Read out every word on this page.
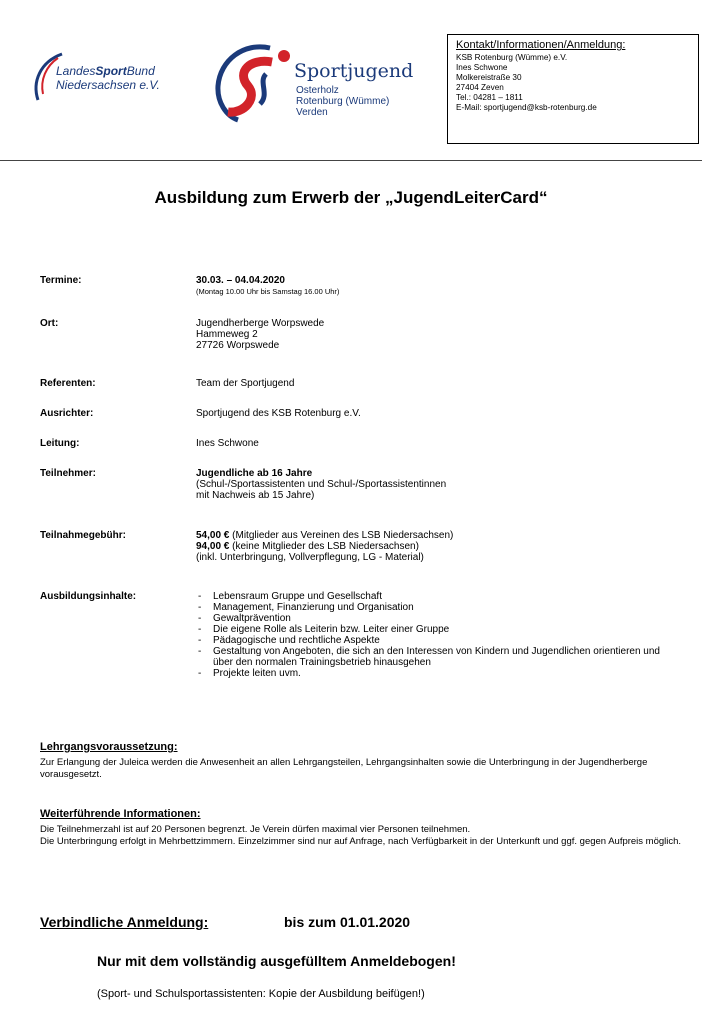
LandesSportBund
Niedersachsen e.V.
Sportjugend
Osterholz
Rotenburg (Wümme)
Verden
Kontakt/Informationen/Anmeldung:
KSB Rotenburg (Wümme) e.V.
Ines Schwone
Molkereistraße 30
27404 Zeven
Tel.: 04281 – 1811
E-Mail: sportjugend@ksb-rotenburg.de
Ausbildung zum Erwerb der „JugendLeiterCard“
Termine:	30.03. – 04.04.2020
(Montag 10.00 Uhr bis Samstag 16.00 Uhr)
Ort:	Jugendherberge Worpswede
Hammeweg 2
27726 Worpswede
Referenten:	Team der Sportjugend
Ausrichter:	Sportjugend des KSB Rotenburg e.V.
Leitung:	Ines Schwone
Teilnehmer:	Jugendliche ab 16 Jahre
(Schul-/Sportassistenten und Schul-/Sportassistentinnen
mit Nachweis ab 15 Jahre)
Teilnahmegebühr:	54,00 € (Mitglieder aus Vereinen des LSB Niedersachsen)
94,00 € (keine Mitglieder des LSB Niedersachsen)
(inkl. Unterbringung, Vollverpflegung, LG - Material)
Ausbildungsinhalte:
-	Lebensraum Gruppe und Gesellschaft
- Management, Finanzierung und Organisation
- Gewaltprävention
- Die eigene Rolle als Leiterin bzw. Leiter einer Gruppe
- Pädagogische und rechtliche Aspekte
- Gestaltung von Angeboten, die sich an den Interessen von Kindern und Jugendlichen orientieren und über den normalen Trainingsbetrieb hinausgehen
- Projekte leiten uvm.
Lehrgangsvoraussetzung:
Zur Erlangung der Juleica werden die Anwesenheit an allen Lehrgangsteilen, Lehrgangsinhalten sowie die Unterbringung in der Jugendherberge vorausgesetzt.
Weiterführende Informationen:
Die Teilnehmerzahl ist auf 20 Personen begrenzt. Je Verein dürfen maximal vier Personen teilnehmen.
Die Unterbringung erfolgt in Mehrbettzimmern. Einzelzimmer sind nur auf Anfrage, nach Verfügbarkeit in der Unterkunft und ggf. gegen Aufpreis möglich.
Verbindliche Anmeldung:	bis zum 01.01.2020
Nur mit dem vollständig ausgefülltem Anmeldebogen!
(Sport- und Schulsportassistenten: Kopie der Ausbildung beifügen!)
